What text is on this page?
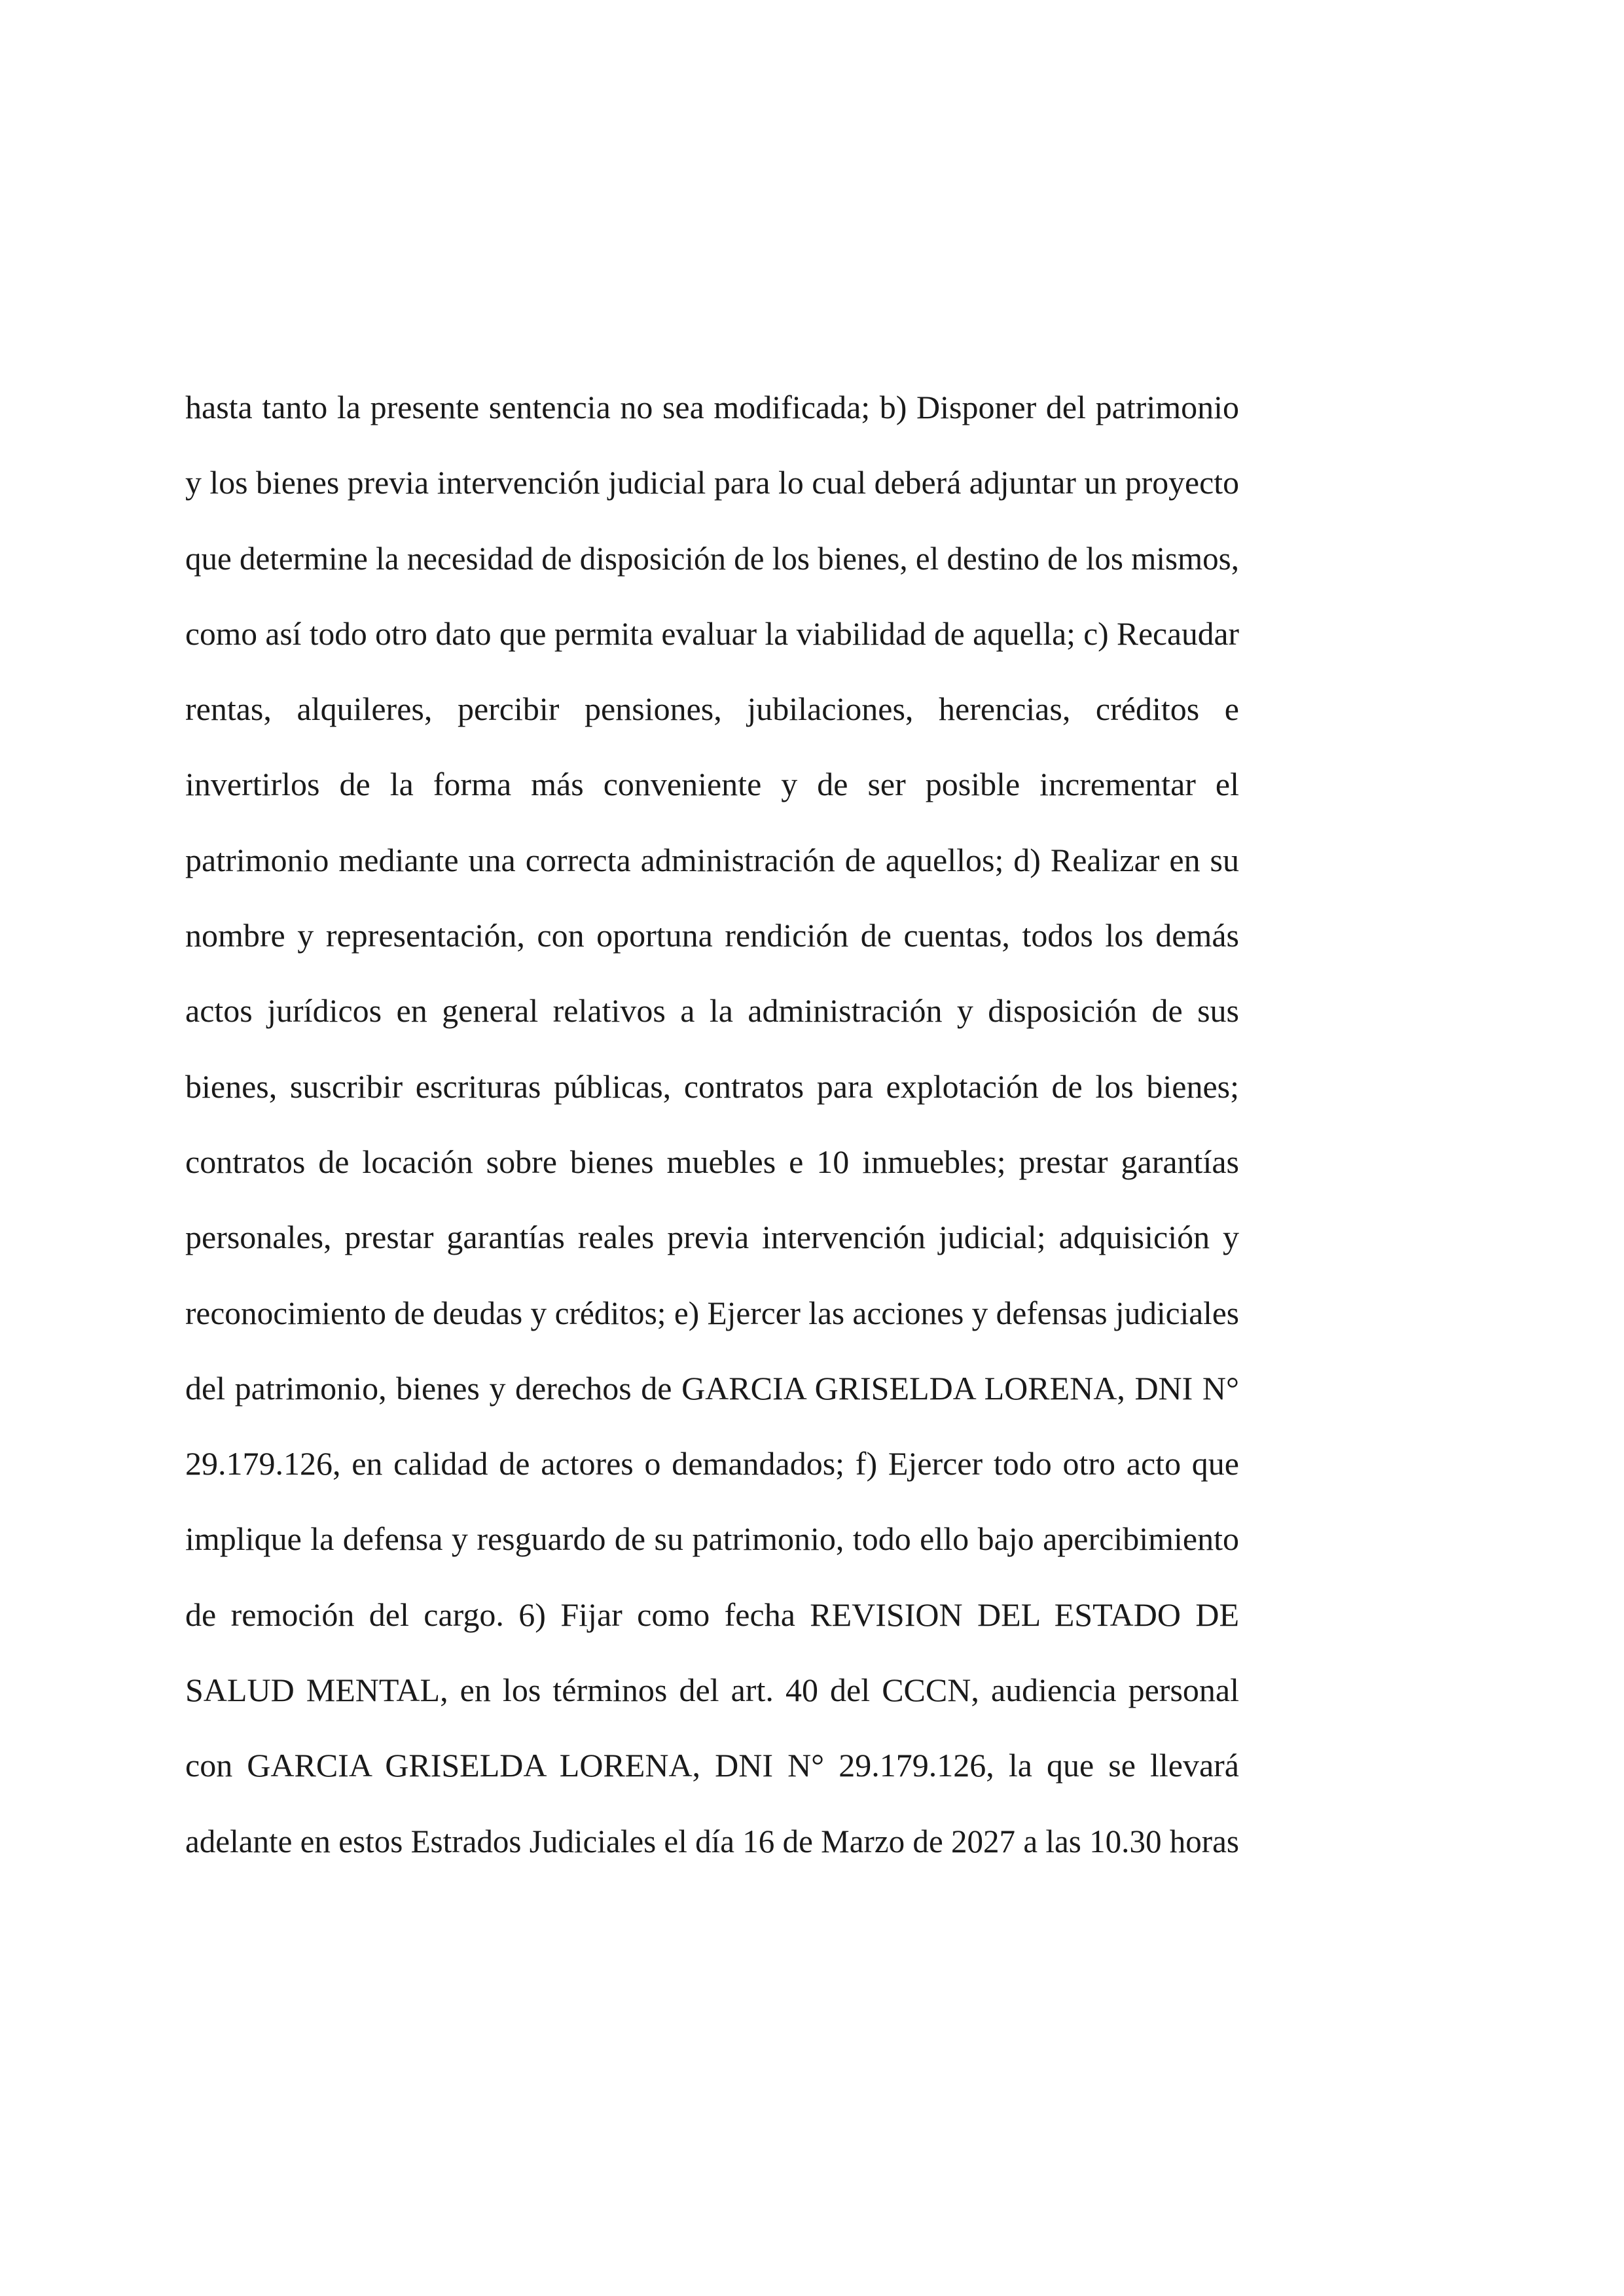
hasta tanto la presente sentencia no sea modificada; b) Disponer del patrimonio
y los bienes previa intervención judicial para lo cual deberá adjuntar un proyecto
que determine la necesidad de disposición de los bienes, el destino de los mismos,
como así todo otro dato que permita evaluar la viabilidad de aquella; c) Recaudar
rentas, alquileres, percibir pensiones, jubilaciones, herencias, créditos e
invertirlos de la forma más conveniente y de ser posible incrementar el
patrimonio mediante una correcta administración de aquellos; d) Realizar en su
nombre y representación, con oportuna rendición de cuentas, todos los demás
actos jurídicos en general relativos a la administración y disposición de sus
bienes, suscribir escrituras públicas, contratos para explotación de los bienes;
contratos de locación sobre bienes muebles e 10 inmuebles; prestar garantías
personales, prestar garantías reales previa intervención judicial; adquisición y
reconocimiento de deudas y créditos; e) Ejercer las acciones y defensas judiciales
del patrimonio, bienes y derechos de GARCIA GRISELDA LORENA, DNI N°
29.179.126, en calidad de actores o demandados; f) Ejercer todo otro acto que
implique la defensa y resguardo de su patrimonio, todo ello bajo apercibimiento
de remoción del cargo. 6) Fijar como fecha REVISION DEL ESTADO DE
SALUD MENTAL, en los términos del art. 40 del CCCN, audiencia personal
con GARCIA GRISELDA LORENA, DNI N° 29.179.126, la que se llevará
adelante en estos Estrados Judiciales el día 16 de Marzo de 2027 a las 10.30 horas
